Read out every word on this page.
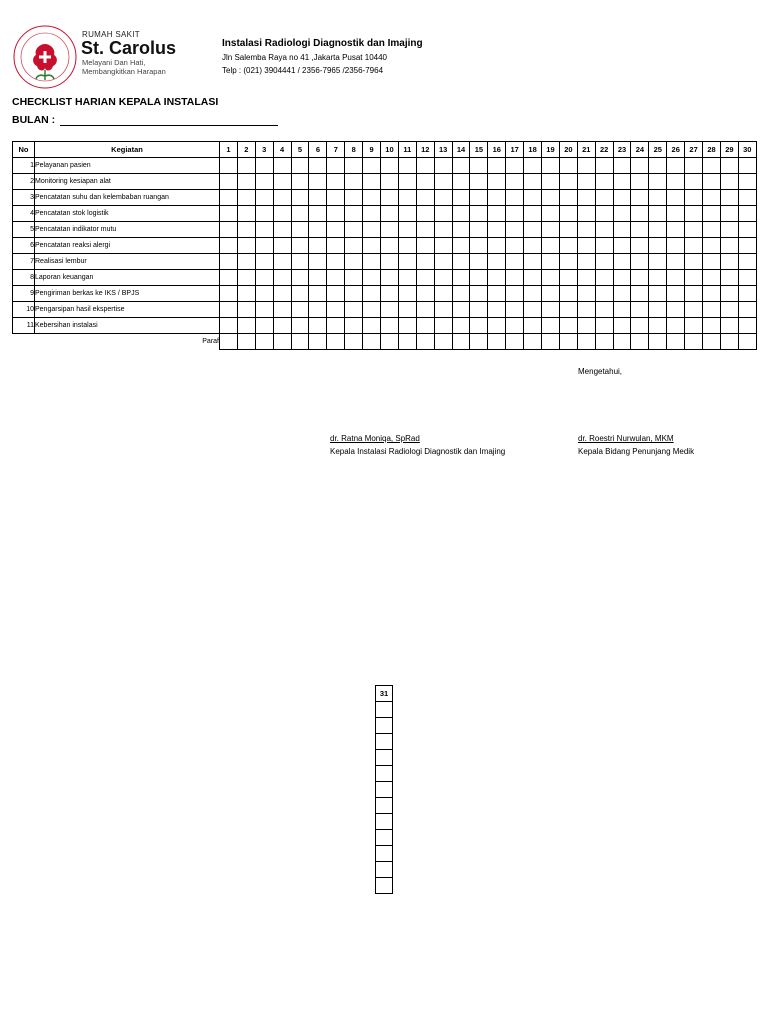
RUMAH SAKIT
St. Carolus
Melayani Dan Hati,
Membangkitkan Harapan
Instalasi Radiologi Diagnostik dan Imajing
Jln Salemba Raya no 41 ,Jakarta Pusat 10440
Telp : (021) 3904441 / 2356-7965 /2356-7964
CHECKLIST HARIAN KEPALA INSTALASI
BULAN :
No	Kegiatan	1	2	3	4	5	6	7	8	9	10	11	12	13	14	15	16	17	18	19	20	21	22	23	24	25	26	27	28	29	30
1	Pelayanan pasien																														
2	Monitoring kesiapan alat																														
3	Pencatatan suhu dan kelembaban ruangan																														
4	Pencatatan stok logistik																														
5	Pencatatan indikator mutu																														
6	Pencatatan reaksi alergi																														
7	Realisasi lembur																														
8	Laporan keuangan																														
9	Pengiriman berkas ke IKS / BPJS																														
10	Pengarsipan hasil ekspertise																														
11	Kebersihan instalasi																														
	Paraf																														
Mengetahui,
dr. Ratna Moniqa, SpRad
Kepala Instalasi Radiologi Diagnostik dan Imajing
dr. Roestri Nurwulan, MKM
Kepala Bidang Penunjang Medik
31
